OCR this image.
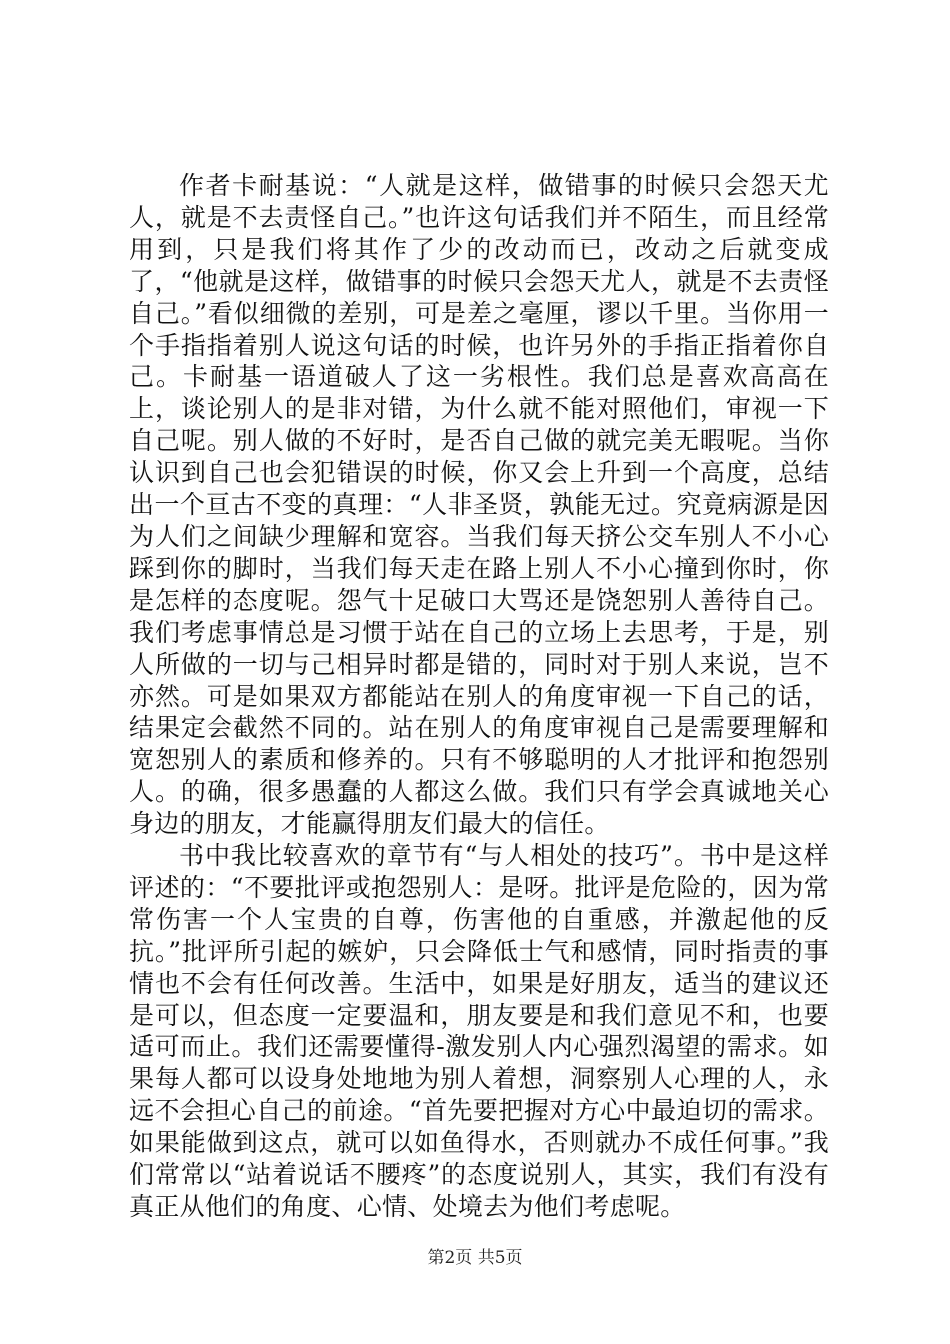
作者卡耐基说：“人就是这样，做错事的时候只会怨天尤人，就是不去责怪自己。”也许这句话我们并不陌生，而且经常用到，只是我们将其作了少的改动而已，改动之后就变成了，“他就是这样，做错事的时候只会怨天尤人，就是不去责怪自己。”看似细微的差别，可是差之毫厘，谬以千里。当你用一个手指指着别人说这句话的时候，也许另外的手指正指着你自己。卡耐基一语道破人了这一劣根性。我们总是喜欢高高在上，谈论别人的是非对错，为什么就不能对照他们，审视一下自己呢。别人做的不好时，是否自己做的就完美无暇呢。当你认识到自己也会犯错误的时候，你又会上升到一个高度，总结出一个亘古不变的真理：“人非圣贤，孰能无过。究竟病源是因为人们之间缺少理解和宽容。当我们每天挤公交车别人不小心踩到你的脚时，当我们每天走在路上别人不小心撞到你时，你是怎样的态度呢。怨气十足破口大骂还是饶恕别人善待自己。我们考虑事情总是习惯于站在自己的立场上去思考，于是，别人所做的一切与己相异时都是错的，同时对于别人来说，岂不亦然。可是如果双方都能站在别人的角度审视一下自己的话，结果定会截然不同的。站在别人的角度审视自己是需要理解和宽恕别人的素质和修养的。只有不够聪明的人才批评和抱怨别人。的确，很多愚蠢的人都这么做。我们只有学会真诚地关心身边的朋友，才能赢得朋友们最大的信任。

书中我比较喜欢的章节有“与人相处的技巧”。书中是这样评述的：“不要批评或抱怨别人：是呀。批评是危险的，因为常常伤害一个人宝贵的自尊，伤害他的自重感，并激起他的反抗。”批评所引起的嫉妒，只会降低士气和感情，同时指责的事情也不会有任何改善。生活中，如果是好朋友，适当的建议还是可以，但态度一定要温和，朋友要是和我们意见不和，也要适可而止。我们还需要懂得-激发别人内心强烈渴望的需求。如果每人都可以设身处地地为别人着想，洞察别人心理的人，永远不会担心自己的前途。“首先要把握对方心中最迫切的需求。如果能做到这点，就可以如鱼得水，否则就办不成任何事。”我们常常以“站着说话不腰疼”的态度说别人，其实，我们有没有真正从他们的角度、心情、处境去为他们考虑呢。

第2页 共5页
